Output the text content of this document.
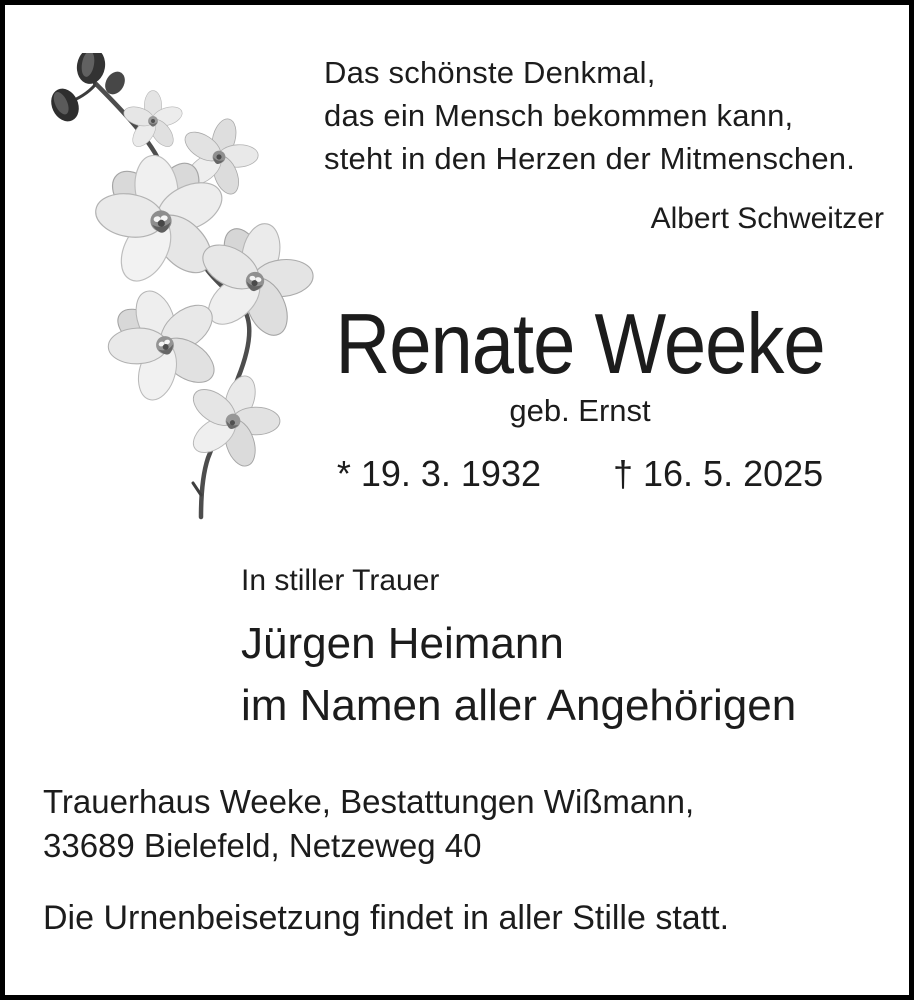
Das schönste Denkmal,
das ein Mensch bekommen kann,
steht in den Herzen der Mitmenschen.
Albert Schweitzer
Renate Weeke
geb. Ernst
* 19. 3. 1932 † 16. 5. 2025
In stiller Trauer
Jürgen Heimann
im Namen aller Angehörigen
Trauerhaus Weeke, Bestattungen Wißmann,
33689 Bielefeld, Netzeweg 40
Die Urnenbeisetzung findet in aller Stille statt.
